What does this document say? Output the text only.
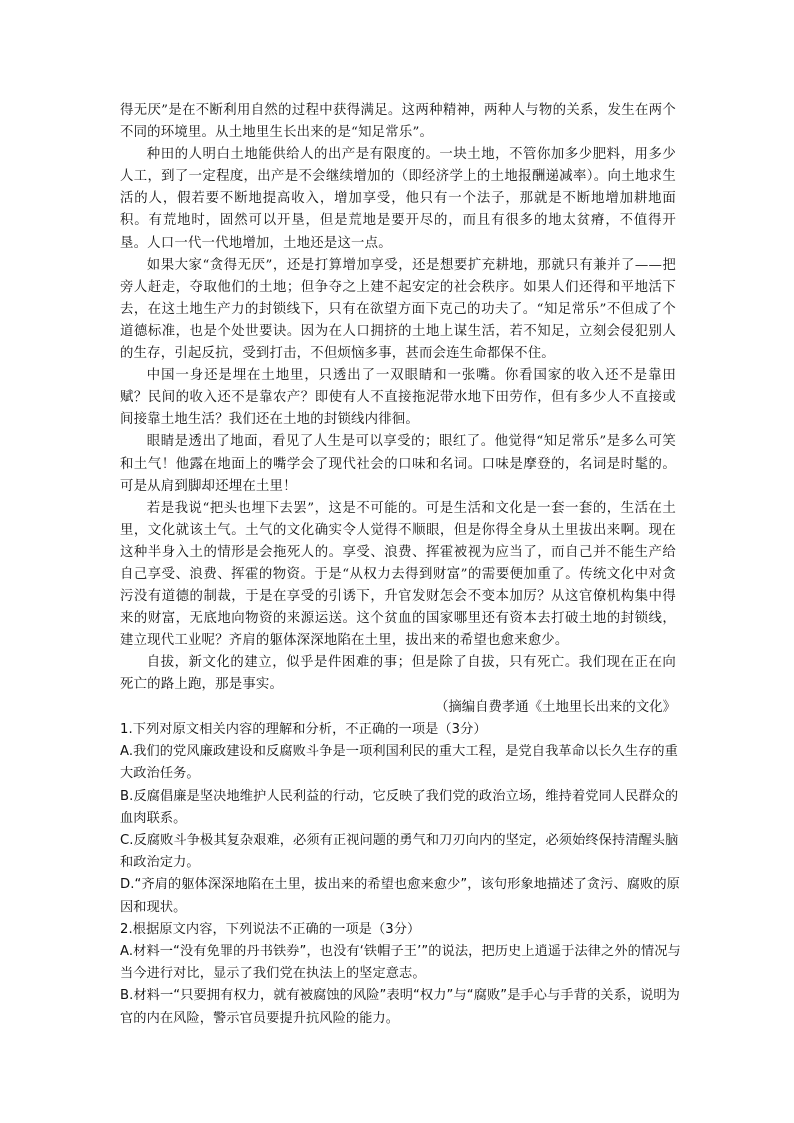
得无厌”是在不断利用自然的过程中获得满足。这两种精神，两种人与物的关系，发生在两个不同的环境里。从土地里生长出来的是“知足常乐”。

种田的人明白土地能供给人的出产是有限度的。一块土地，不管你加多少肥料，用多少人工，到了一定程度，出产是不会继续增加的（即经济学上的土地报酬递减率）。向土地求生活的人，假若要不断地提高收入，增加享受，他只有一个法子，那就是不断地增加耕地面积。有荒地时，固然可以开垦，但是荒地是要开尽的，而且有很多的地太贫瘠，不值得开垦。人口一代一代地增加，土地还是这一点。

如果大家“贪得无厌”，还是打算增加享受，还是想要扩充耕地，那就只有兼并了——把旁人赶走，夺取他们的土地；但争夺之上建不起安定的社会秩序。如果人们还得和平地活下去，在这土地生产力的封锁线下，只有在欲望方面下克己的功夫了。“知足常乐”不但成了个道德标准，也是个处世要诀。因为在人口拥挤的土地上谋生活，若不知足，立刻会侵犯别人的生存，引起反抗，受到打击，不但烦恼多事，甚而会连生命都保不住。

中国一身还是埋在土地里，只透出了一双眼睛和一张嘴。你看国家的收入还不是靠田赋？民间的收入还不是靠农产？即使有人不直接拖泥带水地下田劳作，但有多少人不直接或间接靠土地生活？我们还在土地的封锁线内徘徊。

眼睛是透出了地面，看见了人生是可以享受的；眼红了。他觉得“知足常乐”是多么可笑和土气！他露在地面上的嘴学会了现代社会的口味和名词。口味是摩登的，名词是时髦的。可是从肩到脚却还埋在土里！

若是我说“把头也埋下去罢”，这是不可能的。可是生活和文化是一套一套的，生活在土里，文化就该土气。土气的文化确实令人觉得不顺眼，但是你得全身从土里拔出来啊。现在这种半身入土的情形是会拖死人的。享受、浪费、挥霍被视为应当了，而自己并不能生产给自己享受、浪费、挥霍的物资。于是“从权力去得到财富”的需要便加重了。传统文化中对贪污没有道德的制裁，于是在享受的引诱下，升官发财怎会不变本加厉？从这官僚机构集中得来的财富，无底地向物资的来源运送。这个贫血的国家哪里还有资本去打破土地的封锁线，建立现代工业呢？齐肩的躯体深深地陷在土里，拔出来的希望也愈来愈少。

自拔，新文化的建立，似乎是件困难的事；但是除了自拔，只有死亡。我们现在正在向死亡的路上跑，那是事实。

（摘编自费孝通《土地里长出来的文化》

1.下列对原文相关内容的理解和分析，不正确的一项是（3分）

A.我们的党风廉政建设和反腐败斗争是一项利国利民的重大工程，是党自我革命以长久生存的重大政治任务。

B.反腐倡廉是坚决地维护人民利益的行动，它反映了我们党的政治立场，维持着党同人民群众的血肉联系。

C.反腐败斗争极其复杂艰难，必须有正视问题的勇气和刀刃向内的坚定，必须始终保持清醒头脑和政治定力。

D.“齐肩的躯体深深地陷在土里，拔出来的希望也愈来愈少”，该句形象地描述了贪污、腐败的原因和现状。

2.根据原文内容，下列说法不正确的一项是（3分）

A.材料一“没有免罪的丹书铁券”，也没有‘铁帽子王’”的说法，把历史上逍遥于法律之外的情况与当今进行对比，显示了我们党在执法上的坚定意志。

B.材料一“只要拥有权力，就有被腐蚀的风险”表明“权力”与“腐败”是手心与手背的关系，说明为官的内在风险，警示官员要提升抗风险的能力。
